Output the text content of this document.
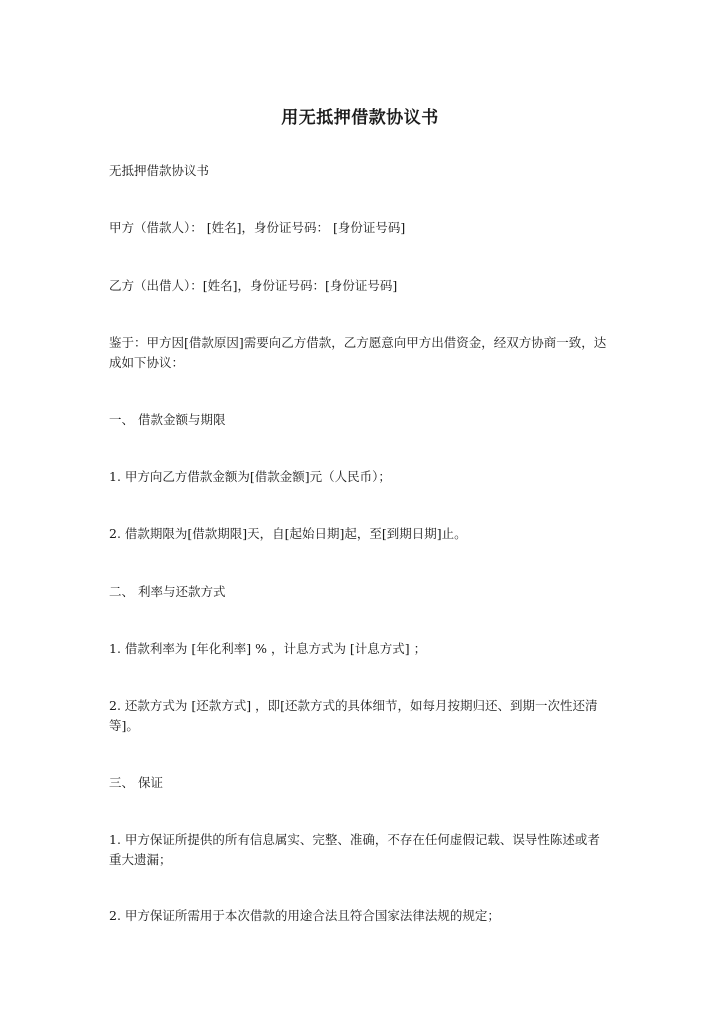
用无抵押借款协议书
无抵押借款协议书
甲方（借款人）： [姓名]，身份证号码： [身份证号码]
乙方（出借人）：[姓名]，身份证号码：[身份证号码]
鉴于：甲方因[借款原因]需要向乙方借款，乙方愿意向甲方出借资金，经双方协商一致，达成如下协议：
一、 借款金额与期限
1. 甲方向乙方借款金额为[借款金额]元（人民币）；
2. 借款期限为[借款期限]天，自[起始日期]起，至[到期日期]止。
二、 利率与还款方式
1. 借款利率为 [年化利率] % ，计息方式为 [计息方式] ；
2. 还款方式为 [还款方式] ，即[还款方式的具体细节，如每月按期归还、到期一次性还清等]。
三、 保证
1. 甲方保证所提供的所有信息属实、完整、准确，不存在任何虚假记载、误导性陈述或者重大遗漏；
2. 甲方保证所需用于本次借款的用途合法且符合国家法律法规的规定；
